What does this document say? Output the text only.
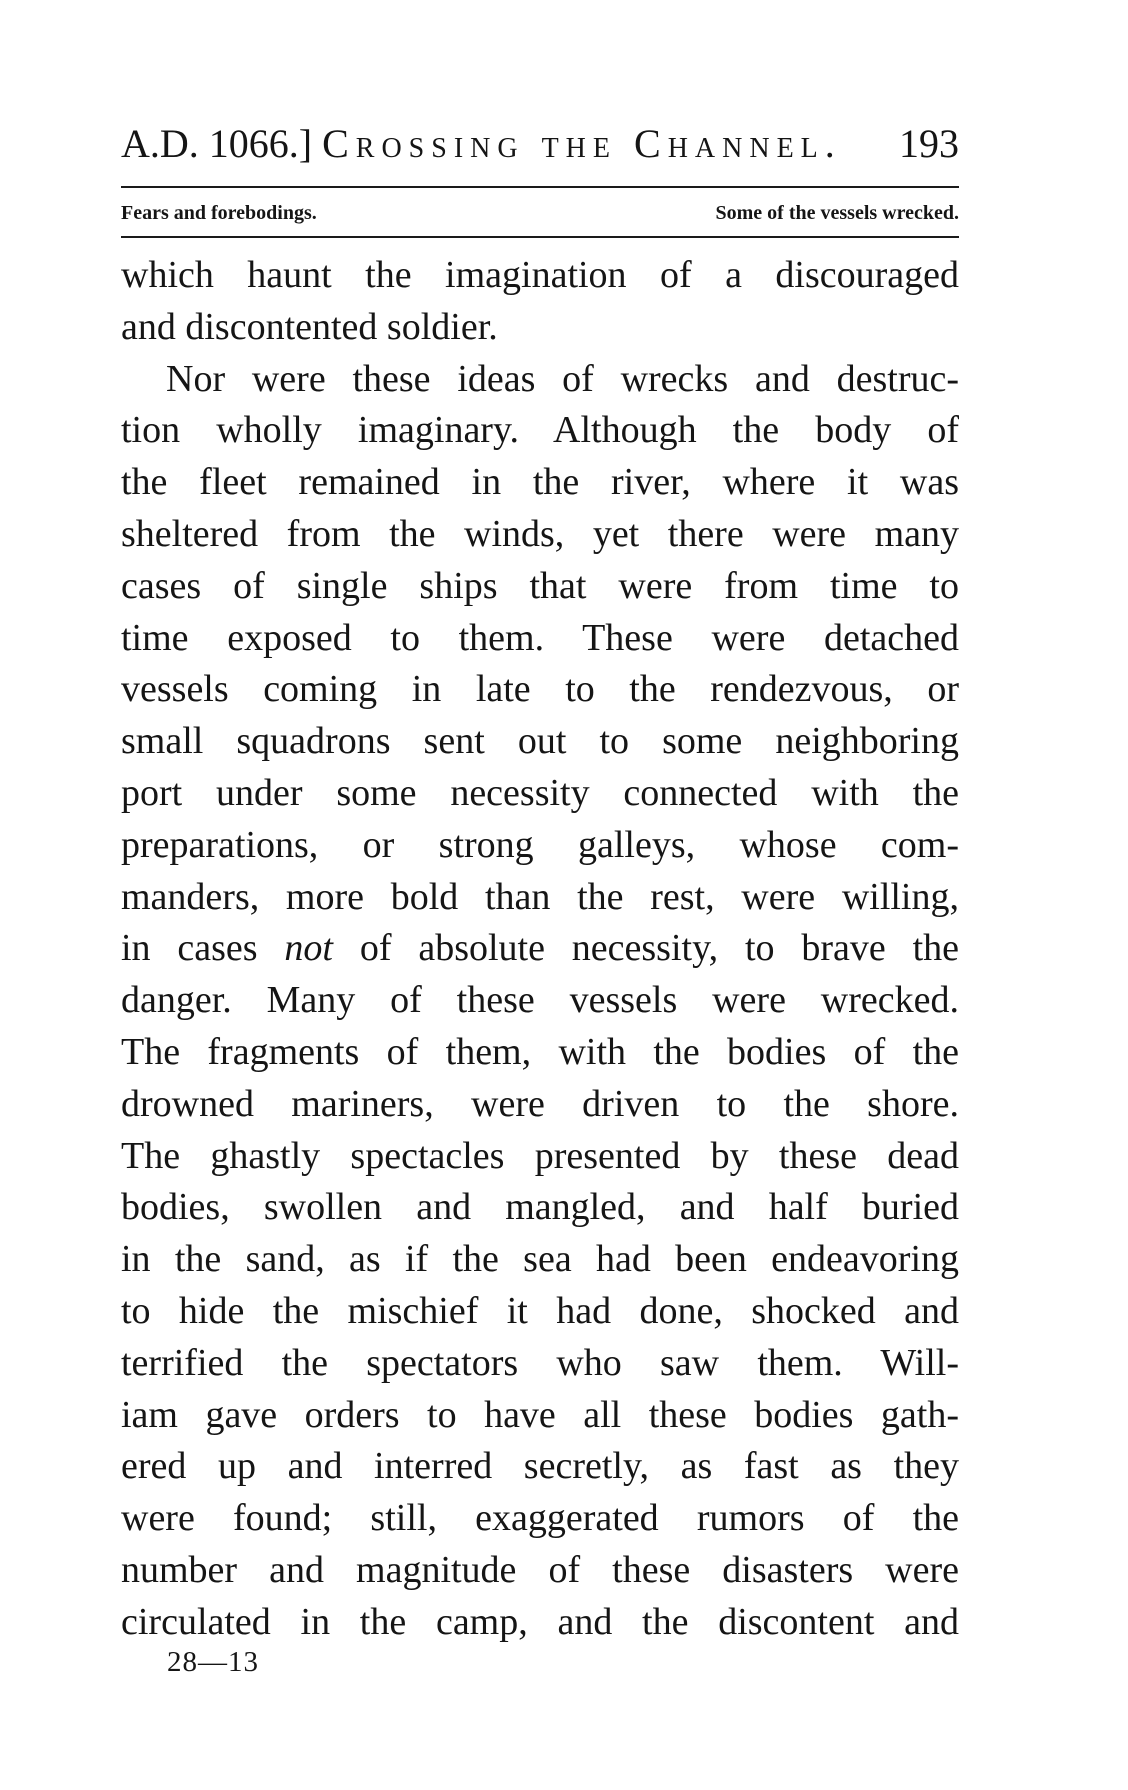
A.D. 1066.] Crossing the Channel. 193
Fears and forebodings.	Some of the vessels wrecked.
which haunt the imagination of a discouraged
and discontented soldier.
Nor were these ideas of wrecks and destruc-
tion wholly imaginary. Although the body of
the fleet remained in the river, where it was
sheltered from the winds, yet there were many
cases of single ships that were from time to
time exposed to them. These were detached
vessels coming in late to the rendezvous, or
small squadrons sent out to some neighboring
port under some necessity connected with the
preparations, or strong galleys, whose com-
manders, more bold than the rest, were willing,
in cases not of absolute necessity, to brave the
danger. Many of these vessels were wrecked.
The fragments of them, with the bodies of the
drowned mariners, were driven to the shore.
The ghastly spectacles presented by these dead
bodies, swollen and mangled, and half buried
in the sand, as if the sea had been endeavoring
to hide the mischief it had done, shocked and
terrified the spectators who saw them. Will-
iam gave orders to have all these bodies gath-
ered up and interred secretly, as fast as they
were found; still, exaggerated rumors of the
number and magnitude of these disasters were
circulated in the camp, and the discontent and
28—13
